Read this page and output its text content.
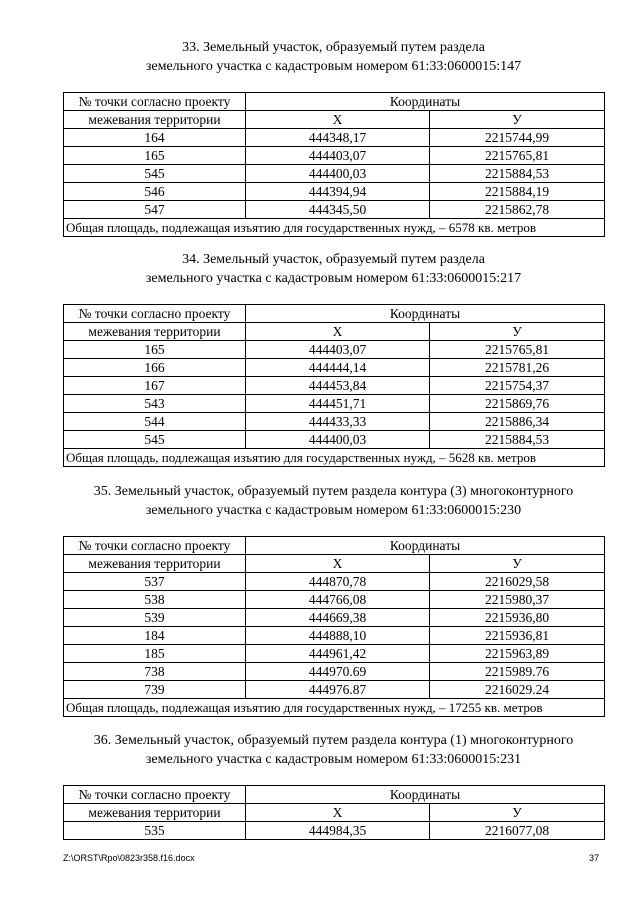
33. Земельный участок, образуемый путем раздела
земельного участка с кадастровым номером 61:33:0600015:147
№ точки согласно проекту	Координаты	
межевания территории	Х	У
164	444348,17	2215744,99
165	444403,07	2215765,81
545	444400,03	2215884,53
546	444394,94	2215884,19
547	444345,50	2215862,78
Общая площадь, подлежащая изъятию для государственных нужд, – 6578 кв. метров		
34. Земельный участок, образуемый путем раздела
земельного участка с кадастровым номером 61:33:0600015:217
№ точки согласно проекту	Координаты	
межевания территории	Х	У
165	444403,07	2215765,81
166	444444,14	2215781,26
167	444453,84	2215754,37
543	444451,71	2215869,76
544	444433,33	2215886,34
545	444400,03	2215884,53
Общая площадь, подлежащая изъятию для государственных нужд, – 5628 кв. метров		
35. Земельный участок, образуемый путем раздела контура (3) многоконтурного
земельного участка с кадастровым номером 61:33:0600015:230
№ точки согласно проекту	Координаты	
межевания территории	Х	У
537	444870,78	2216029,58
538	444766,08	2215980,37
539	444669,38	2215936,80
184	444888,10	2215936,81
185	444961,42	2215963,89
738	444970.69	2215989.76
739	444976.87	2216029.24
Общая площадь, подлежащая изъятию для государственных нужд, – 17255 кв. метров		
36. Земельный участок, образуемый путем раздела контура (1) многоконтурного
земельного участка с кадастровым номером 61:33:0600015:231
№ точки согласно проекту	Координаты	
межевания территории	Х	У
535	444984,35	2216077,08
Z:\ORST\Rpo\0823r358.f16.docx	37
